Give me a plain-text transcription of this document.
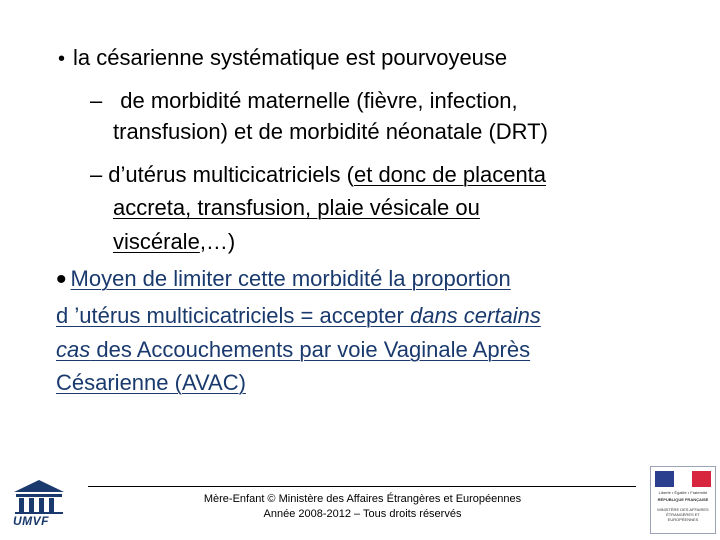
• la césarienne systématique est pourvoyeuse
– de morbidité maternelle (fièvre, infection,
transfusion) et de morbidité néonatale (DRT)
– d’utérus multicicatriciels (et donc de placenta
accreta, transfusion, plaie vésicale ou
viscérale,…)
• Moyen de limiter cette morbidité la proportion
d ’utérus multicicatriciels = accepter dans certains
cas des Accouchements par voie Vaginale Après
Césarienne (AVAC)
Mère-Enfant © Ministère des Affaires Étrangères et Européennes
Année 2008-2012 – Tous droits réservés
UMVF
Liberté • Égalité • Fraternité
RÉPUBLIQUE FRANÇAISE
MINISTÈRE DES AFFAIRES ÉTRANGÈRES ET EUROPÉENNES
